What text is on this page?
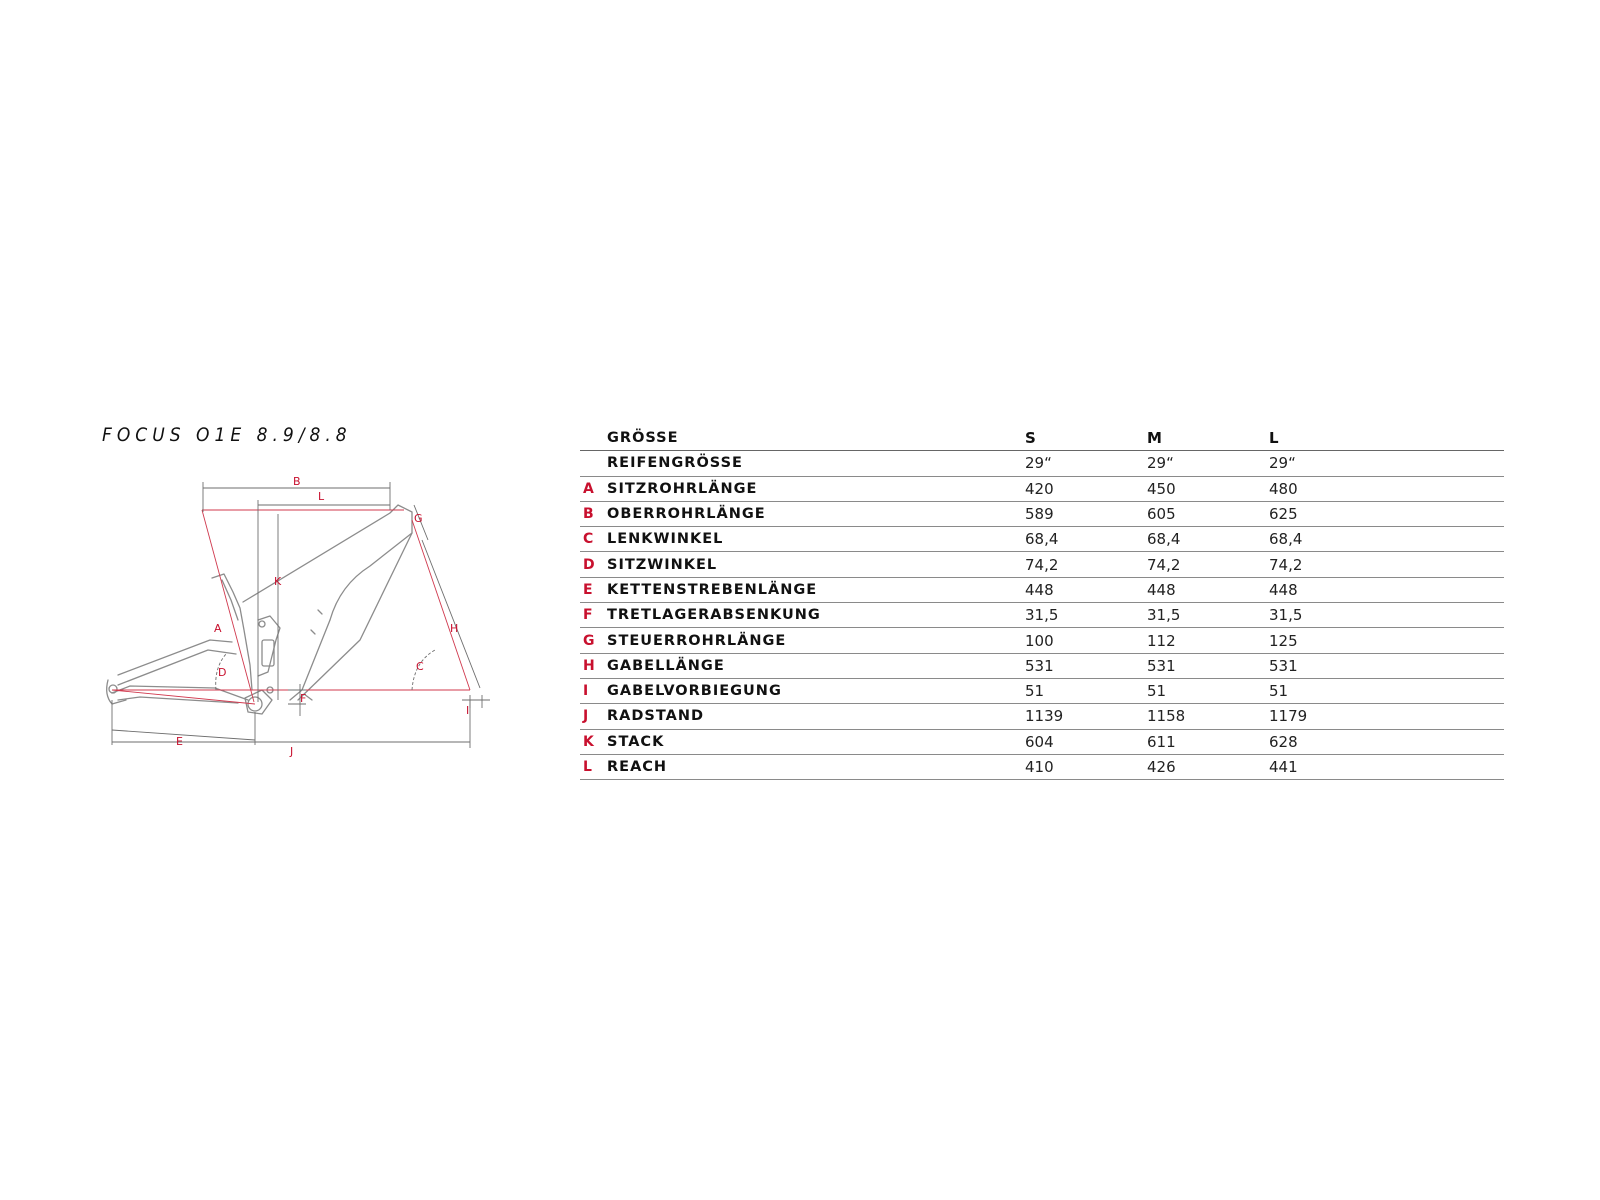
FOCUS O1E 8.9/8.8
B
L
G
K
A	H
D	C
F
I
E
J
	GRÖSSE	S	M	L	
	REIFENGRÖSSE	29“	29“	29“	
A	SITZROHRLÄNGE	420	450	480	
B	OBERROHRLÄNGE	589	605	625	
C	LENKWINKEL	68,4	68,4	68,4	
D	SITZWINKEL	74,2	74,2	74,2	
E	KETTENSTREBENLÄNGE	448	448	448	
F	TRETLAGERABSENKUNG	31,5	31,5	31,5	
G	STEUERROHRLÄNGE	100	112	125	
H	GABELLÄNGE	531	531	531	
I	GABELVORBIEGUNG	51	51	51	
J	RADSTAND	1139	1158	1179	
K	STACK	604	611	628	
L	REACH	410	426	441	
